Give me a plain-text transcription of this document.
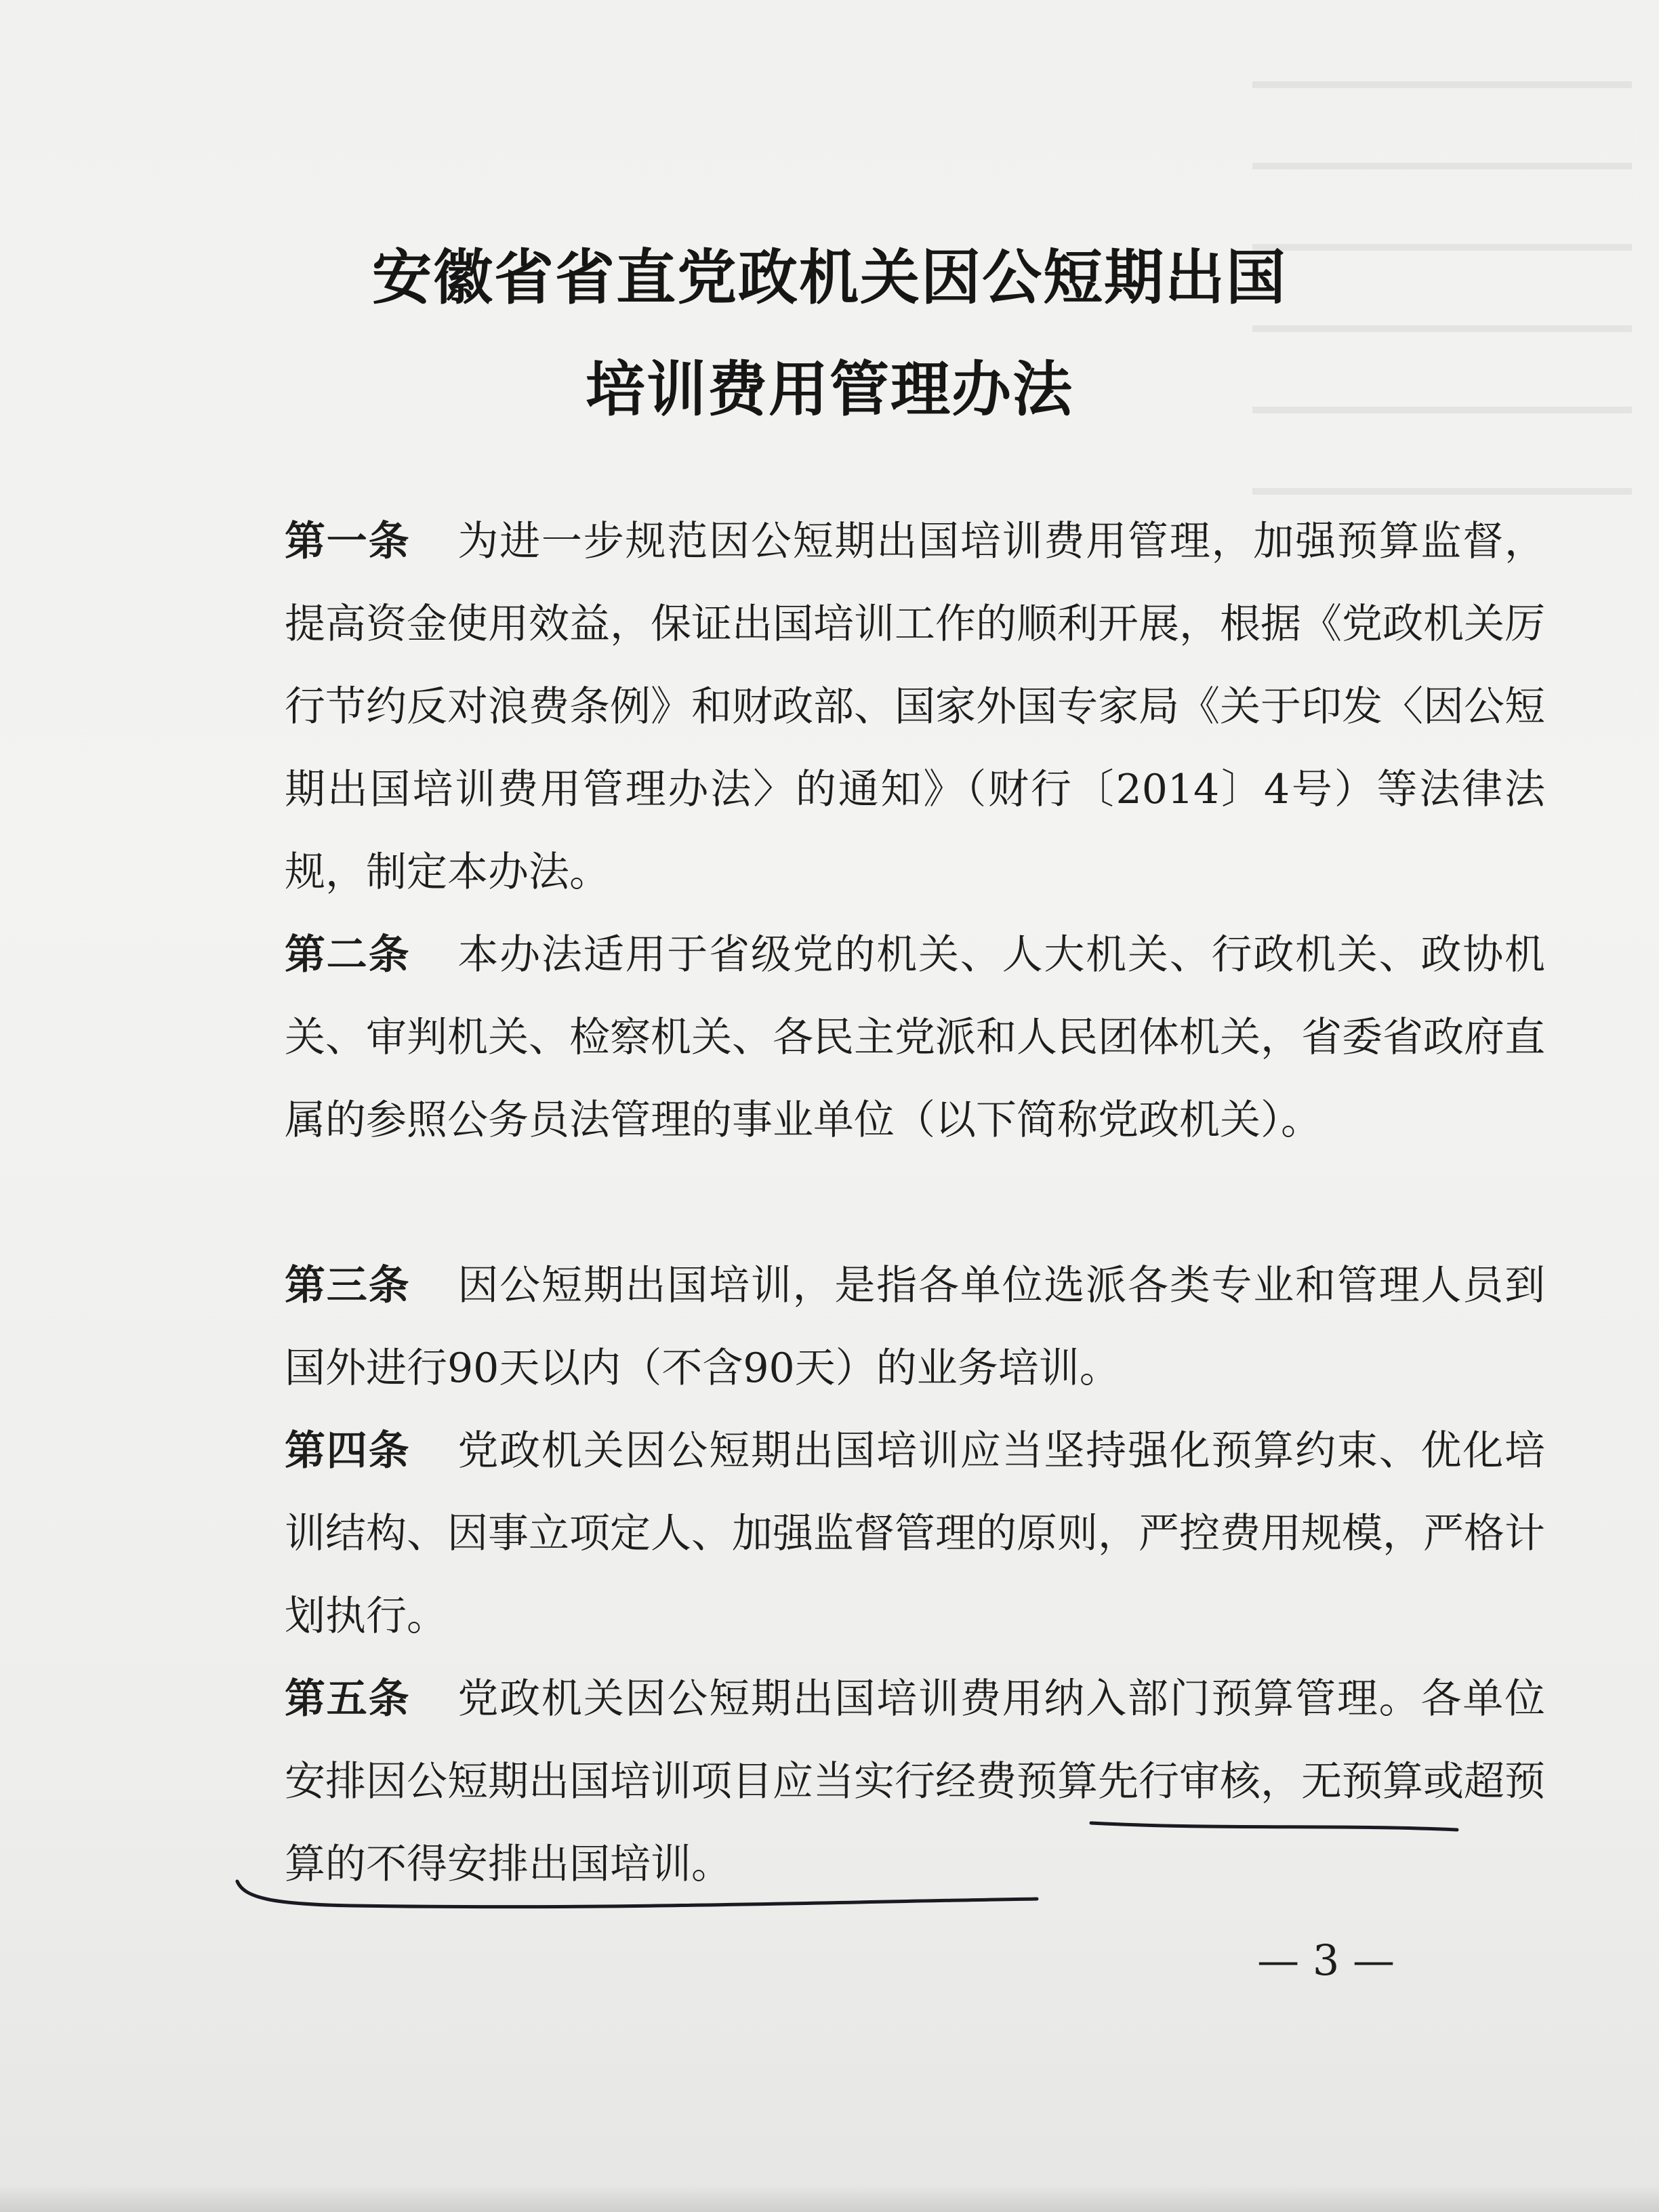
安徽省省直党政机关因公短期出国
培训费用管理办法
第一条 为进一步规范因公短期出国培训费用管理，加强预算监督，提高资金使用效益，保证出国培训工作的顺利开展，根据《党政机关厉行节约反对浪费条例》和财政部、国家外国专家局《关于印发〈因公短期出国培训费用管理办法〉的通知》（财行〔2014〕4号）等法律法规，制定本办法。
第二条 本办法适用于省级党的机关、人大机关、行政机关、政协机关、审判机关、检察机关、各民主党派和人民团体机关，省委省政府直属的参照公务员法管理的事业单位（以下简称党政机关）。
第三条 因公短期出国培训，是指各单位选派各类专业和管理人员到国外进行90天以内（不含90天）的业务培训。
第四条 党政机关因公短期出国培训应当坚持强化预算约束、优化培训结构、因事立项定人、加强监督管理的原则，严控费用规模，严格计划执行。
第五条 党政机关因公短期出国培训费用纳入部门预算管理。各单位安排因公短期出国培训项目应当实行经费预算先行审核，无预算或超预算的不得安排出国培训。
— 3 —
